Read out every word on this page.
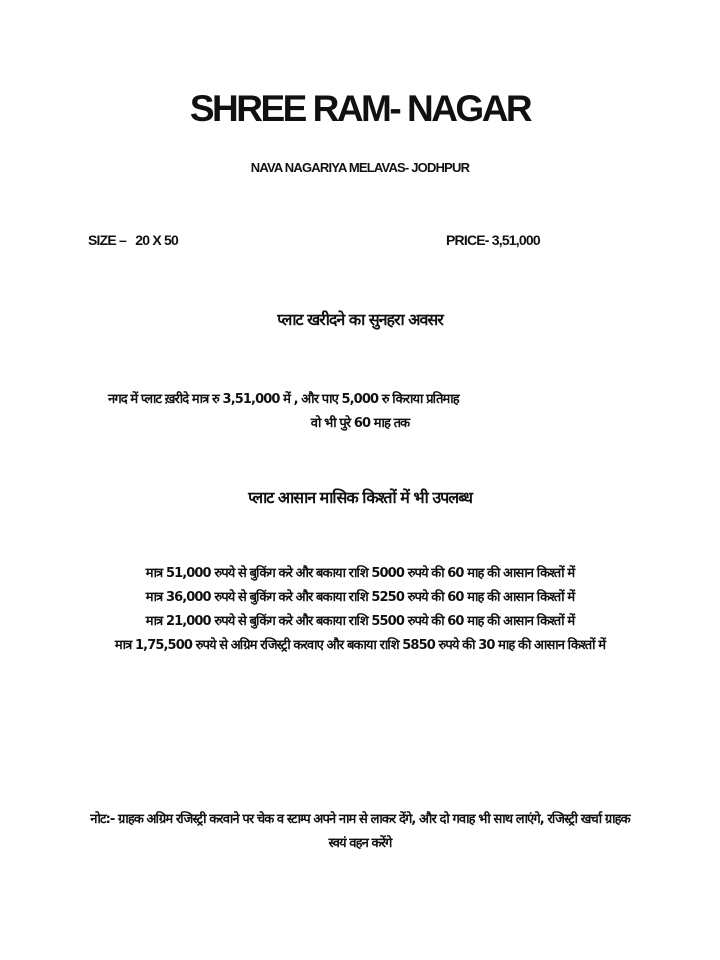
SHREE RAM- NAGAR
NAVA NAGARIYA MELAVAS- JODHPUR
SIZE –   20 X 50	PRICE- 3,51,000
प्लाट खरीदने का सुनहरा अवसर
नगद में प्लाट ख़रीदे मात्र रु 3,51,000 में , और पाए 5,000 रु किराया प्रतिमाह
वो भी पुरे 60 माह तक
प्लाट आसान मासिक किश्तों में भी उपलब्ध
मात्र 51,000 रुपये से बुकिंग करे और बकाया राशि 5000 रुपये की 60 माह की आसान किश्तों में
मात्र 36,000 रुपये से बुकिंग करे और बकाया राशि 5250 रुपये की 60 माह की आसान किश्तों में
मात्र 21,000 रुपये से बुकिंग करे और बकाया राशि 5500 रुपये की 60 माह की आसान किश्तों में
मात्र 1,75,500 रुपये से अग्रिम रजिस्ट्री करवाए और बकाया राशि 5850 रुपये की 30 माह की आसान किश्तों में
नोट:- ग्राहक अग्रिम रजिस्ट्री करवाने पर चेक व स्टाम्प अपने नाम से लाकर देंगे, और दो गवाह भी साथ लाएंगे, रजिस्ट्री खर्चा ग्राहक स्वयं वहन करेंगे
